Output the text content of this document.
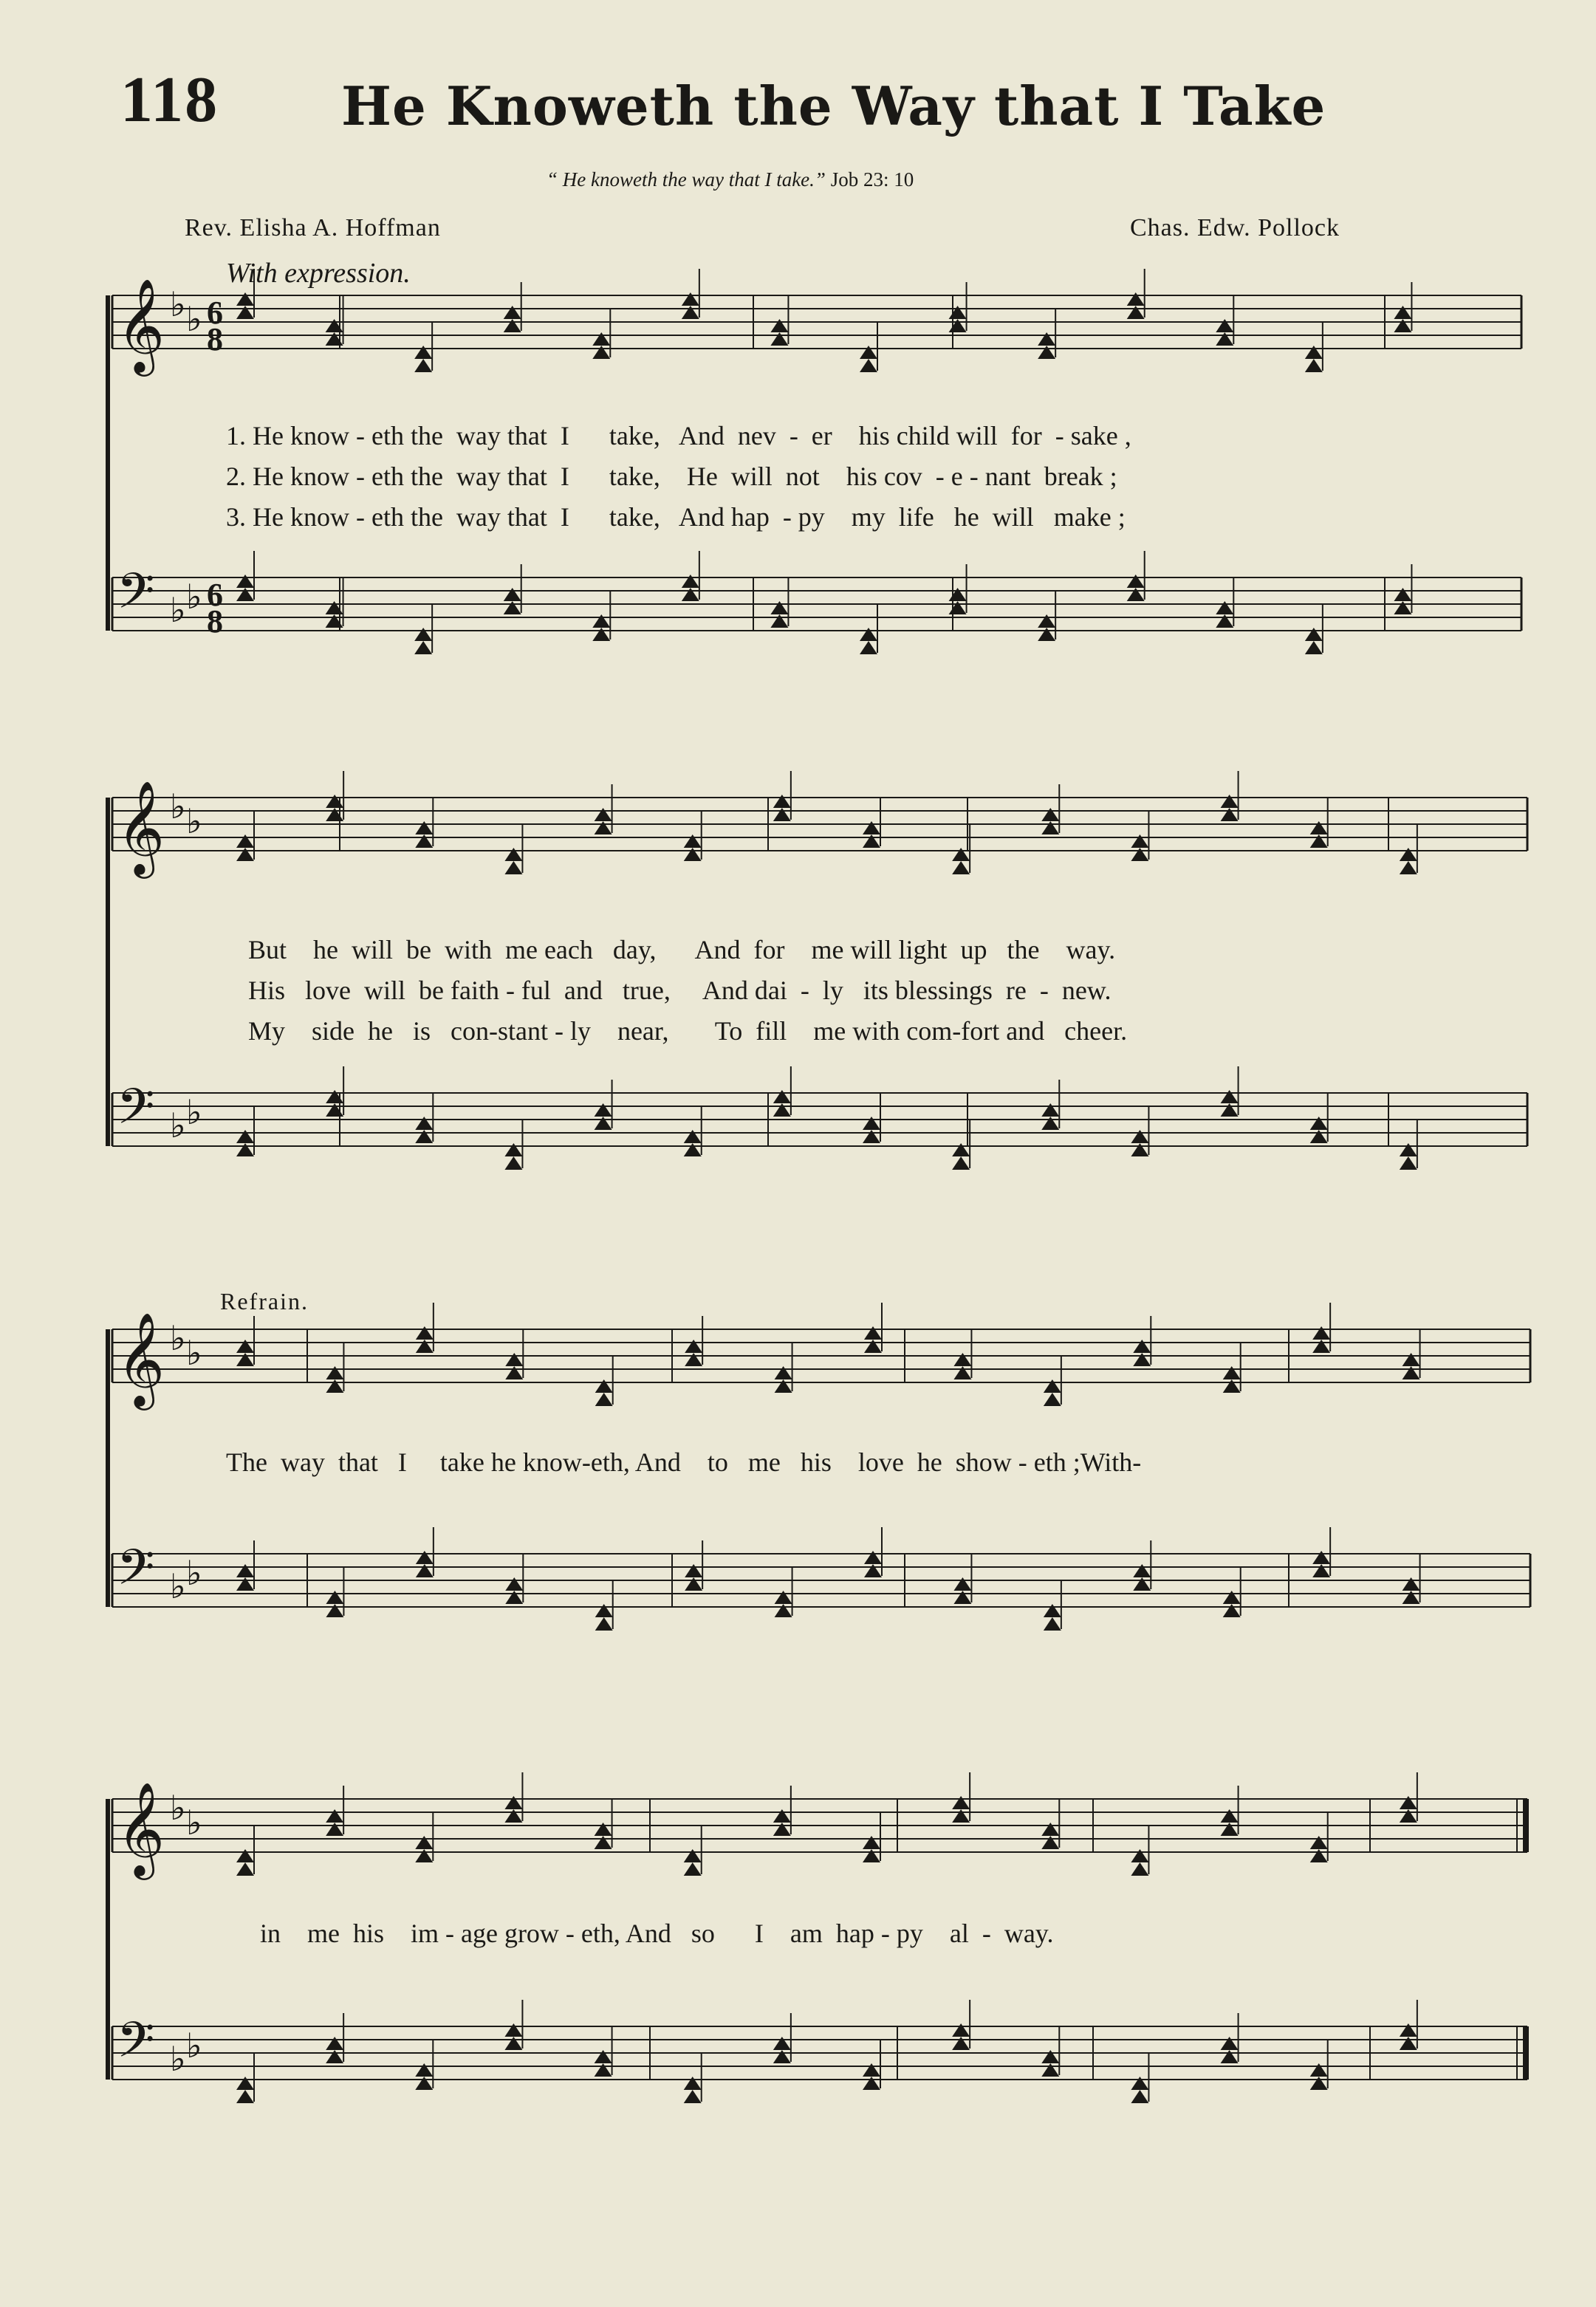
118 He Knoweth the Way that I Take
“ He knoweth the way that I take.” Job 23: 10
Rev. Elisha A. Hoffman	Chas. Edw. Pollock
With expression.
Refrain.
𝄞 ♭ ♭
𝄢 ♭ ♭
6
8
6
8
𝄞 ♭ ♭
𝄢 ♭ ♭
𝄞 ♭ ♭
𝄢 ♭ ♭
𝄞 ♭ ♭
𝄢 ♭ ♭
1. He know - eth the  way that  I      take,   And  nev  -  er    his child will  for  - sake ,
2. He know - eth the  way that  I      take,    He  will  not    his cov  - e - nant  break ;
3. He know - eth the  way that  I      take,   And hap  - py    my  life   he  will   make ;
But    he  will  be  with  me each   day,      And  for    me will light  up   the    way.
His   love  will  be faith - ful  and   true,     And dai  -  ly   its blessings  re  -  new.
My    side  he   is   con-stant - ly    near,       To  fill    me with com-fort and   cheer.
The  way  that   I     take he know-eth, And    to   me   his    love  he  show - eth ;With-
in    me  his    im - age grow - eth, And   so      I    am  hap - py    al  -  way.
